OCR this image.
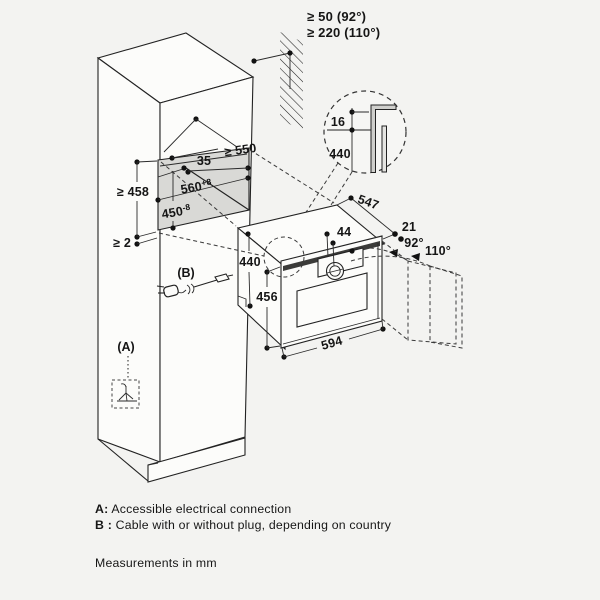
≥ 50 (92°)
≥ 220 (110°)
≥ 550
35
$560^{+8}$
$450^{-8}$
≥ 458
≥ 2
16
440
92°
110°
547
21
44
440
456
594
(B)
(A)
A: Accessible electrical connection
B : Cable with or without plug, depending on country
Measurements in mm
